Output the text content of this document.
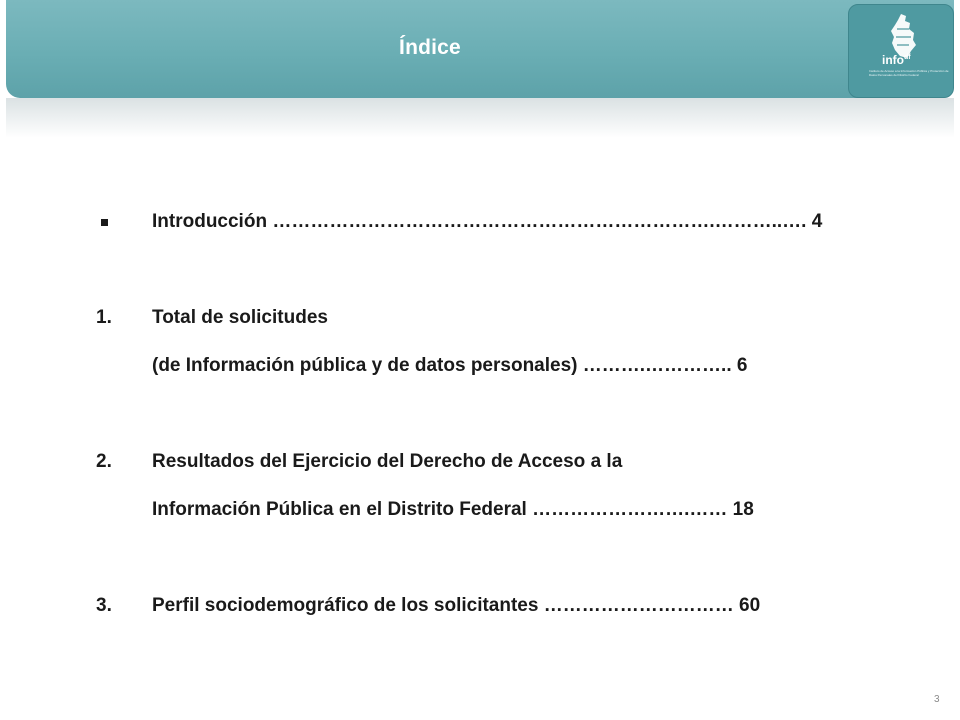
Índice
info$^{df}$
Instituto de Acceso a la Información Pública y Protección de Datos Personales del Distrito Federal
Introducción …………………………………………………………….………..…. 4
1. Total de solicitudes
(de Información pública y de datos personales) ……….………….. 6
2. Resultados del Ejercicio del Derecho de Acceso a la
Información Pública en el Distrito Federal …………………….…… 18
3. Perfil sociodemográfico de los solicitantes ………………………… 60
3
